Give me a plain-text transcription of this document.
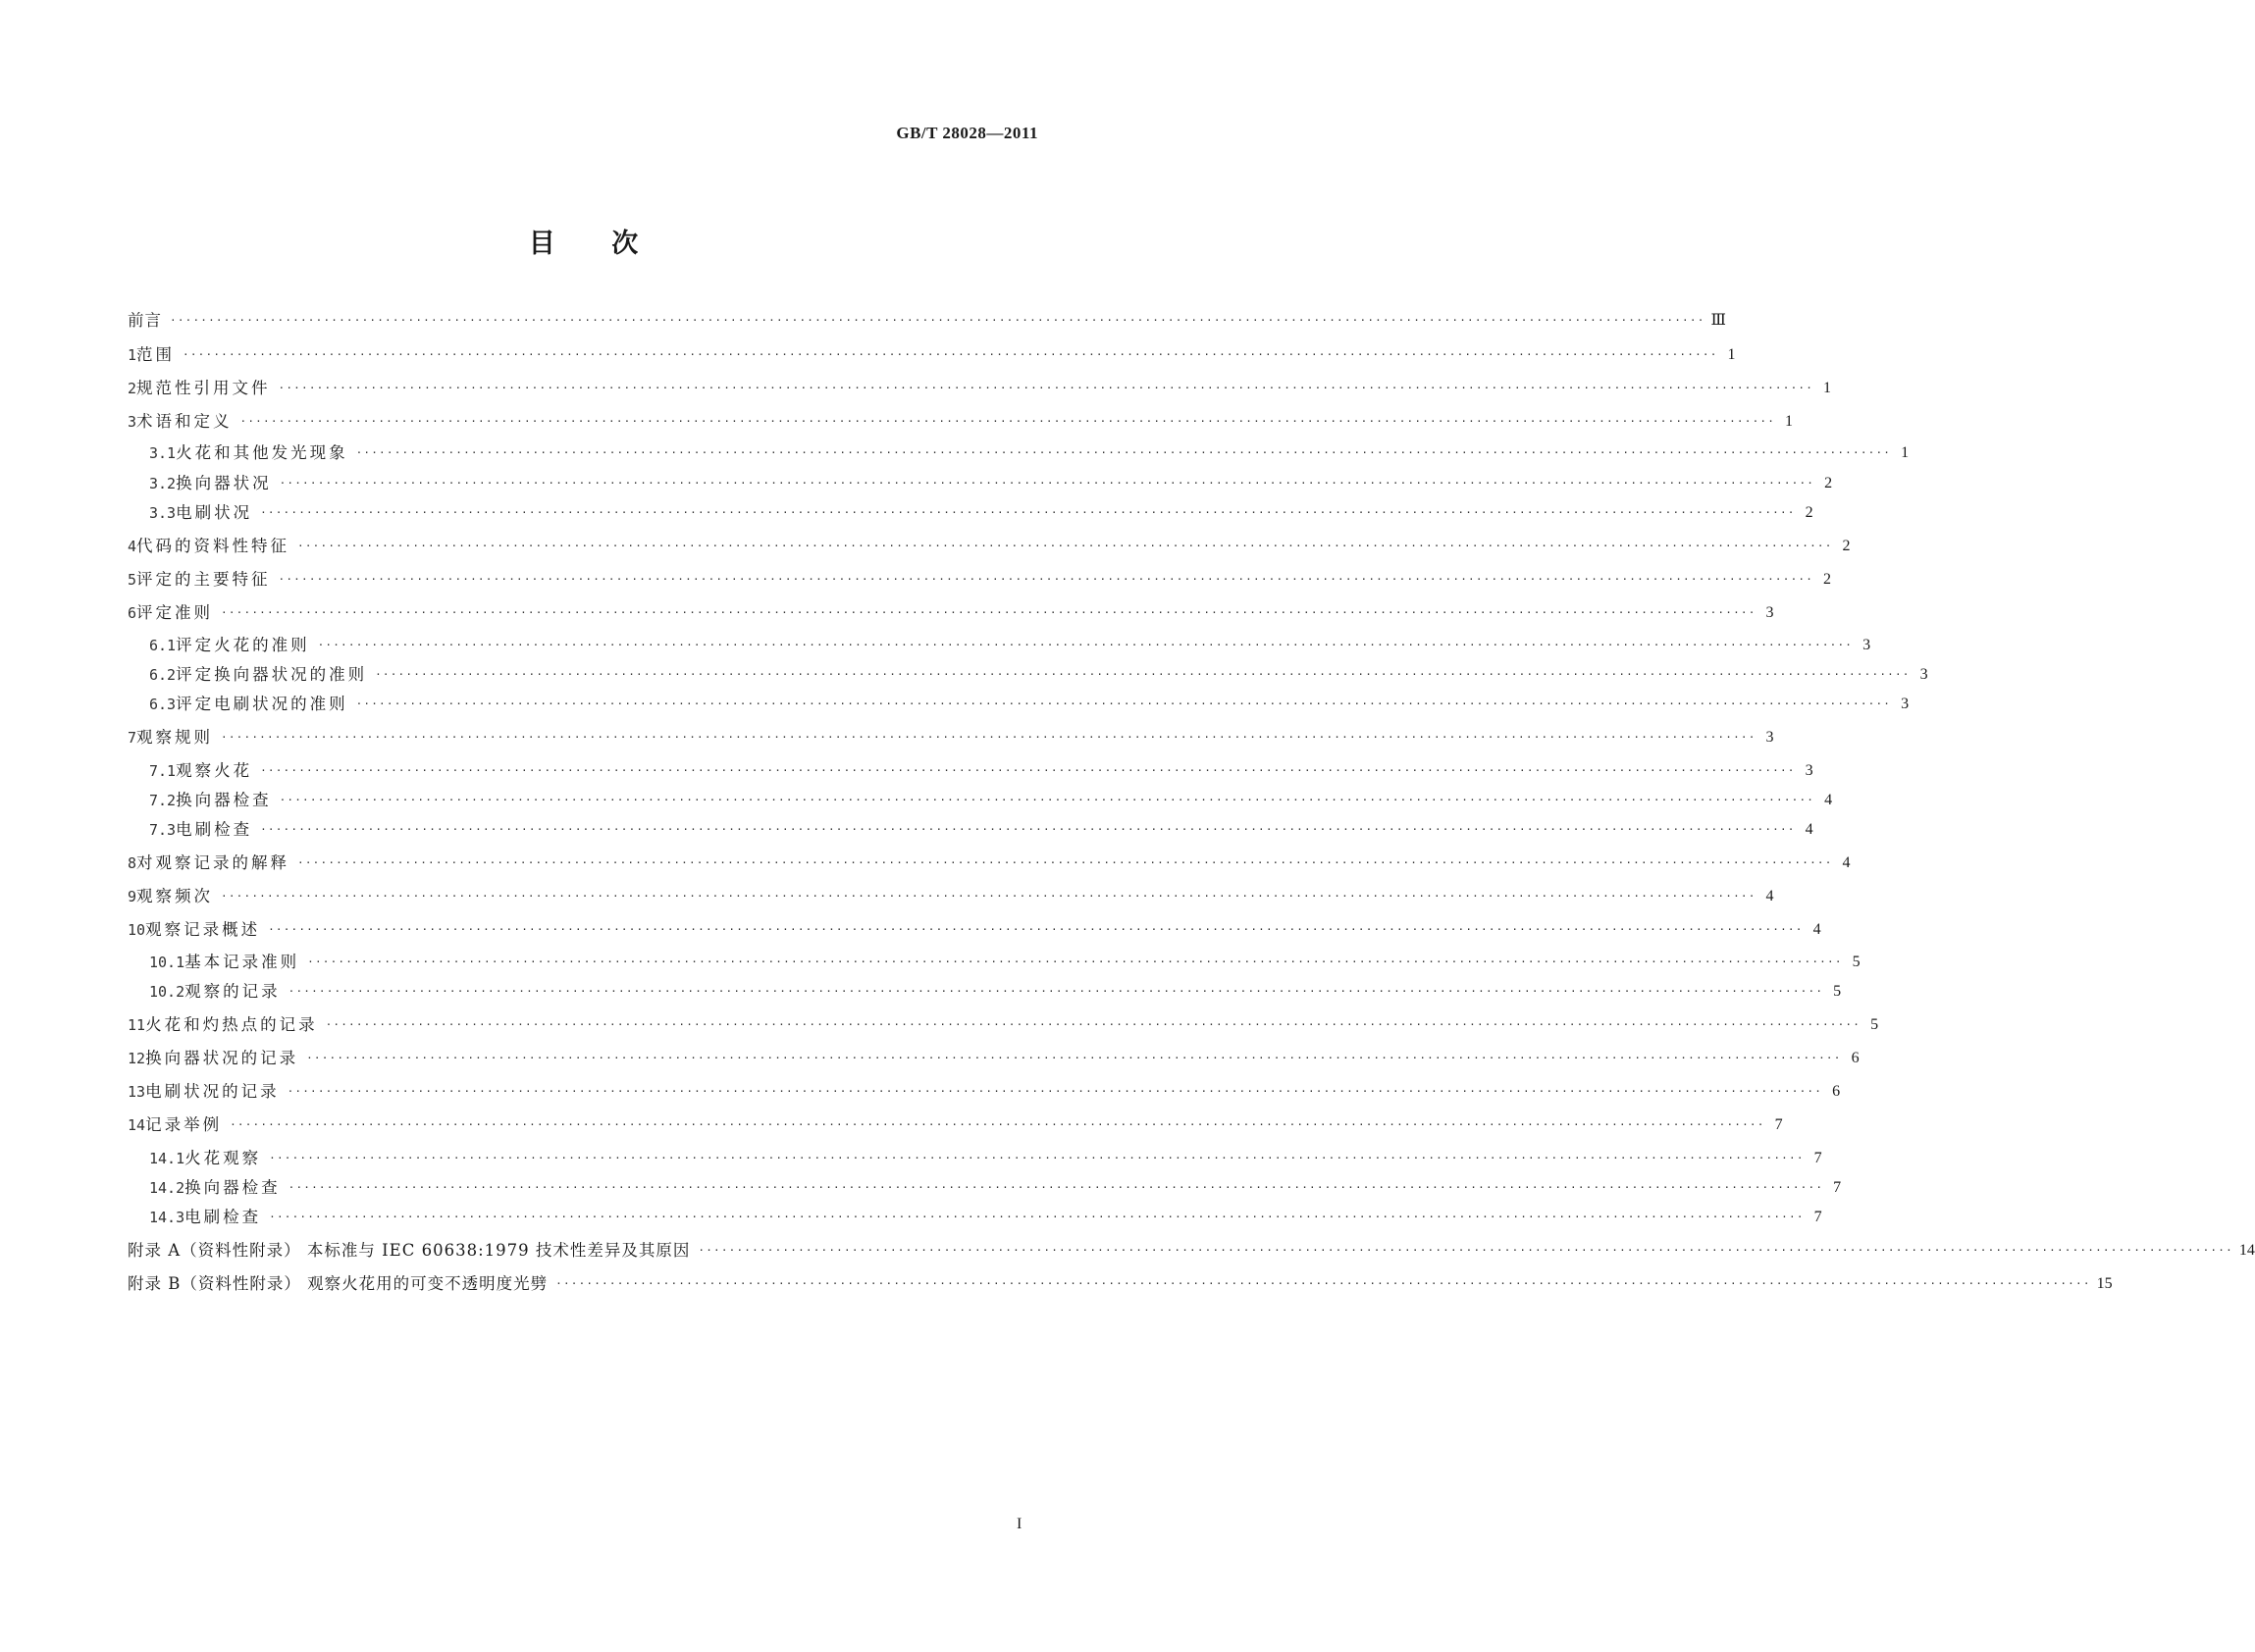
GB/T 28028—2011
目 次
前言 ········································································································································································································ Ⅲ
1 范围 ········································································································································································································ 1
2 规范性引用文件 ········································································································································································································ 1
3 术语和定义 ········································································································································································································ 1
3.1 火花和其他发光现象 ········································································································································································································ 1
3.2 换向器状况 ········································································································································································································ 2
3.3 电刷状况 ········································································································································································································ 2
4 代码的资料性特征 ········································································································································································································ 2
5 评定的主要特征 ········································································································································································································ 2
6 评定准则 ········································································································································································································ 3
6.1 评定火花的准则 ········································································································································································································ 3
6.2 评定换向器状况的准则 ········································································································································································································ 3
6.3 评定电刷状况的准则 ········································································································································································································ 3
7 观察规则 ········································································································································································································ 3
7.1 观察火花 ········································································································································································································ 3
7.2 换向器检查 ········································································································································································································ 4
7.3 电刷检查 ········································································································································································································ 4
8 对观察记录的解释 ········································································································································································································ 4
9 观察频次 ········································································································································································································ 4
10 观察记录概述 ········································································································································································································ 4
10.1 基本记录准则 ········································································································································································································ 5
10.2 观察的记录 ········································································································································································································ 5
11 火花和灼热点的记录 ········································································································································································································ 5
12 换向器状况的记录 ········································································································································································································ 6
13 电刷状况的记录 ········································································································································································································ 6
14 记录举例 ········································································································································································································ 7
14.1 火花观察 ········································································································································································································ 7
14.2 换向器检查 ········································································································································································································ 7
14.3 电刷检查 ········································································································································································································ 7
附录 A（资料性附录） 本标准与 IEC 60638:1979 技术性差异及其原因 ········································································································································································································ 14
附录 B（资料性附录） 观察火花用的可变不透明度光劈 ········································································································································································································ 15
I
